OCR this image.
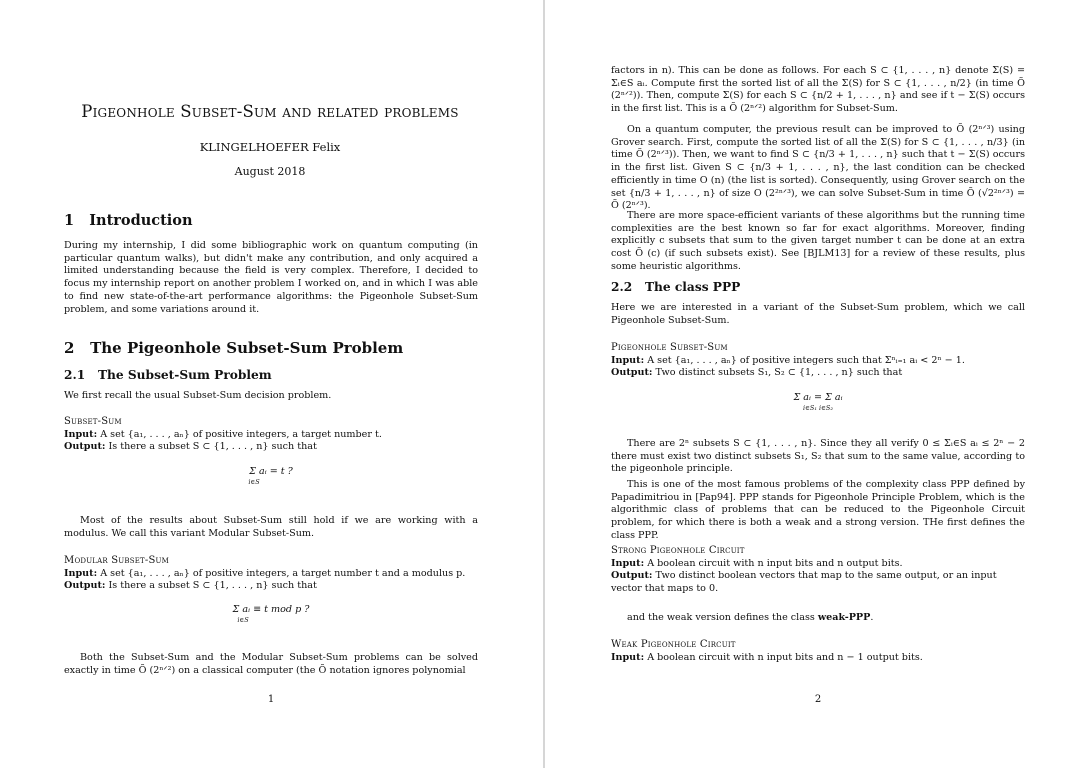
Pigeonhole Subset-Sum and related problems
KLINGELHOEFER Felix
August 2018
1 Introduction
During my internship, I did some bibliographic work on quantum computing (in particular quantum walks), but didn't make any contribution, and only acquired a limited understanding because the field is very complex. Therefore, I decided to focus my internship report on another problem I worked on, and in which I was able to find new state-of-the-art performance algorithms: the Pigeonhole Subset-Sum problem, and some variations around it.
2 The Pigeonhole Subset-Sum Problem
2.1 The Subset-Sum Problem
We first recall the usual Subset-Sum decision problem.
Subset-Sum
Input: A set {a₁, . . . , aₙ} of positive integers, a target number t.
Output: Is there a subset S ⊂ {1, . . . , n} such that
Σ aᵢ = t ?
i∈S
Most of the results about Subset-Sum still hold if we are working with a modulus. We call this variant Modular Subset-Sum.
Modular Subset-Sum
Input: A set {a₁, . . . , aₙ} of positive integers, a target number t and a modulus p.
Output: Is there a subset S ⊂ {1, . . . , n} such that
Σ aᵢ ≡ t mod p ?
i∈S
Both the Subset-Sum and the Modular Subset-Sum problems can be solved exactly in time Õ (2ⁿᐟ²) on a classical computer (the Õ notation ignores polynomial
1
factors in n). This can be done as follows. For each S ⊂ {1, . . . , n} denote Σ(S) = Σᵢ∈S aᵢ. Compute first the sorted list of all the Σ(S) for S ⊂ {1, . . . , n/2} (in time Õ (2ⁿᐟ²)). Then, compute Σ(S) for each S ⊂ {n/2 + 1, . . . , n} and see if t − Σ(S) occurs in the first list. This is a Õ (2ⁿᐟ²) algorithm for Subset-Sum.
On a quantum computer, the previous result can be improved to Õ (2ⁿᐟ³) using Grover search. First, compute the sorted list of all the Σ(S) for S ⊂ {1, . . . , n/3} (in time Õ (2ⁿᐟ³)). Then, we want to find S ⊂ {n/3 + 1, . . . , n} such that t − Σ(S) occurs in the first list. Given S ⊂ {n/3 + 1, . . . , n}, the last condition can be checked efficiently in time O (n) (the list is sorted). Consequently, using Grover search on the set {n/3 + 1, . . . , n} of size O (2²ⁿᐟ³), we can solve Subset-Sum in time Õ (√2²ⁿᐟ³) = Õ (2ⁿᐟ³).
There are more space-efficient variants of these algorithms but the running time complexities are the best known so far for exact algorithms. Moreover, finding explicitly c subsets that sum to the given target number t can be done at an extra cost Õ (c) (if such subsets exist). See [BJLM13] for a review of these results, plus some heuristic algorithms.
2.2 The class PPP
Here we are interested in a variant of the Subset-Sum problem, which we call Pigeonhole Subset-Sum.
Pigeonhole Subset-Sum
Input: A set {a₁, . . . , aₙ} of positive integers such that Σⁿᵢ₌₁ aᵢ < 2ⁿ − 1.
Output: Two distinct subsets S₁, S₂ ⊂ {1, . . . , n} such that
Σ aᵢ = Σ aᵢ
i∈S₁ i∈S₂
There are 2ⁿ subsets S ⊂ {1, . . . , n}. Since they all verify 0 ≤ Σᵢ∈S aᵢ ≤ 2ⁿ − 2 there must exist two distinct subsets S₁, S₂ that sum to the same value, according to the pigeonhole principle.
This is one of the most famous problems of the complexity class PPP defined by Papadimitriou in [Pap94]. PPP stands for Pigeonhole Principle Problem, which is the algorithmic class of problems that can be reduced to the Pigeonhole Circuit problem, for which there is both a weak and a strong version. THe first defines the class PPP.
Strong Pigeonhole Circuit
Input: A boolean circuit with n input bits and n output bits.
Output: Two distinct boolean vectors that map to the same output, or an input vector that maps to 0.
and the weak version defines the class weak-PPP.
Weak Pigeonhole Circuit
Input: A boolean circuit with n input bits and n − 1 output bits.
2
